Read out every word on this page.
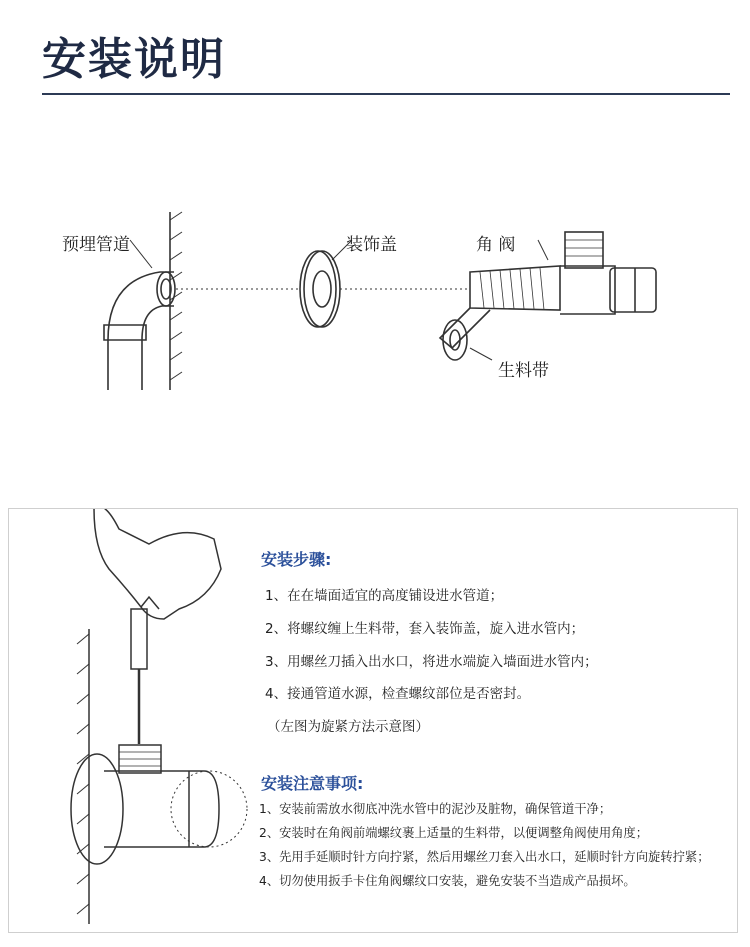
安装说明
预埋管道	装饰盖	角 阀
生料带
安装步骤:
1、在在墙面适宜的高度铺设进水管道；
2、将螺纹缠上生料带，套入装饰盖，旋入进水管内；
3、用螺丝刀插入出水口，将进水端旋入墙面进水管内；
4、接通管道水源，检查螺纹部位是否密封。
（左图为旋紧方法示意图）
安装注意事项:
1、安装前需放水彻底冲洗水管中的泥沙及脏物，确保管道干净；
2、安装时在角阀前端螺纹裹上适量的生料带，以便调整角阀使用角度；
3、先用手延顺时针方向拧紧，然后用螺丝刀套入出水口，延顺时针方向旋转拧紧；
4、切勿使用扳手卡住角阀螺纹口安装，避免安装不当造成产品损坏。
